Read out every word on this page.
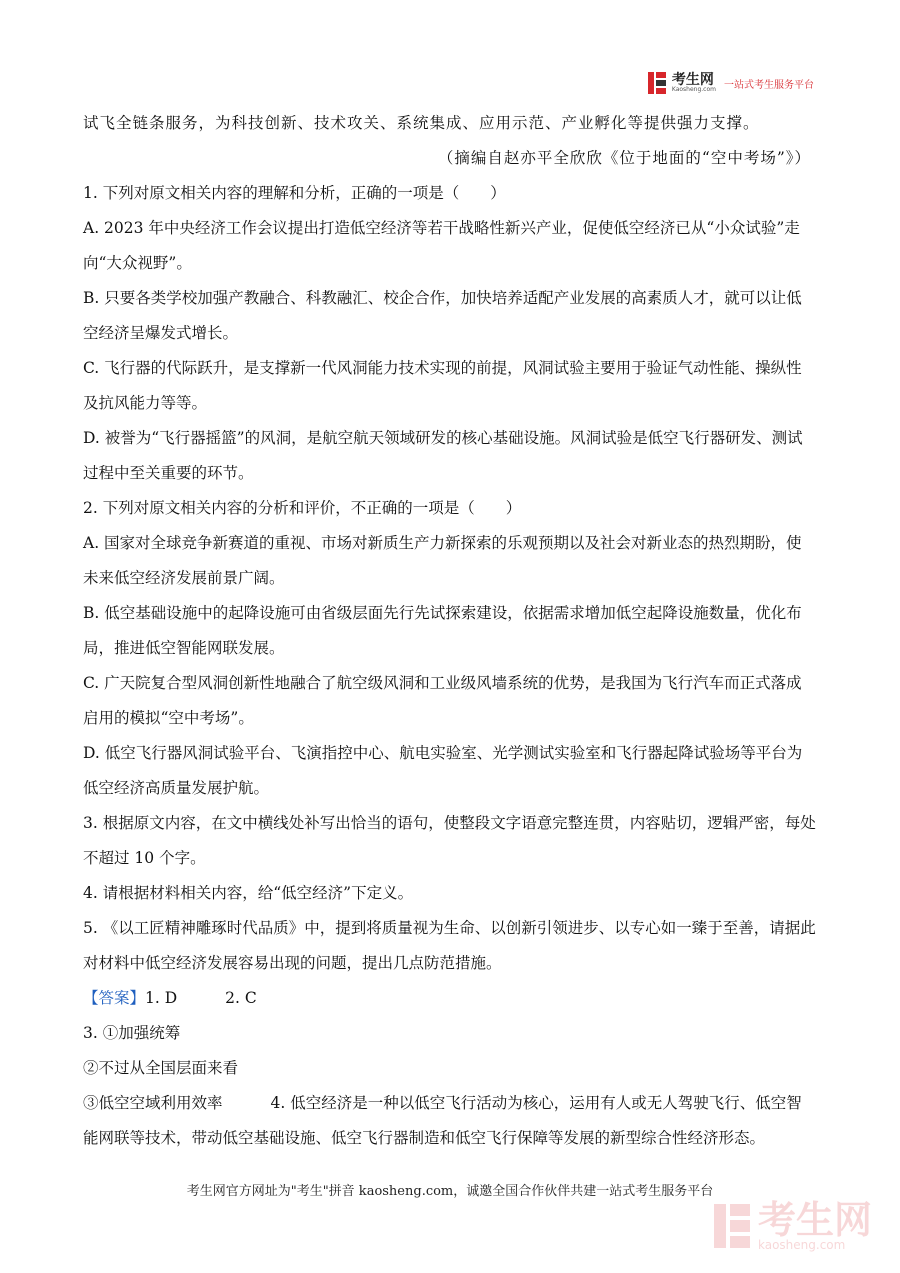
考生网
Kaosheng.com 一站式考生服务平台

试飞全链条服务，为科技创新、技术攻关、系统集成、应用示范、产业孵化等提供强力支撑。

（摘编自赵亦平全欣欣《位于地面的“空中考场”》）

1. 下列对原文相关内容的理解和分析，正确的一项是（　　）

A. 2023 年中央经济工作会议提出打造低空经济等若干战略性新兴产业，促使低空经济已从“小众试验”走向“大众视野”。

B. 只要各类学校加强产教融合、科教融汇、校企合作，加快培养适配产业发展的高素质人才，就可以让低空经济呈爆发式增长。

C. 飞行器的代际跃升，是支撑新一代风洞能力技术实现的前提，风洞试验主要用于验证气动性能、操纵性及抗风能力等等。

D. 被誉为“飞行器摇篮”的风洞，是航空航天领域研发的核心基础设施。风洞试验是低空飞行器研发、测试过程中至关重要的环节。

2. 下列对原文相关内容的分析和评价，不正确的一项是（　　）

A. 国家对全球竞争新赛道的重视、市场对新质生产力新探索的乐观预期以及社会对新业态的热烈期盼，使未来低空经济发展前景广阔。

B. 低空基础设施中的起降设施可由省级层面先行先试探索建设，依据需求增加低空起降设施数量，优化布局，推进低空智能网联发展。

C. 广天院复合型风洞创新性地融合了航空级风洞和工业级风墙系统的优势，是我国为飞行汽车而正式落成启用的模拟“空中考场”。

D. 低空飞行器风洞试验平台、飞演指控中心、航电实验室、光学测试实验室和飞行器起降试验场等平台为低空经济高质量发展护航。

3. 根据原文内容，在文中横线处补写出恰当的语句，使整段文字语意完整连贯，内容贴切，逻辑严密，每处不超过 10 个字。

4. 请根据材料相关内容，给“低空经济”下定义。

5. 《以工匠精神雕琢时代品质》中，提到将质量视为生命、以创新引领进步、以专心如一臻于至善，请据此对材料中低空经济发展容易出现的问题，提出几点防范措施。

【答案】1. D	2. C

3. ①加强统筹

②不过从全国层面来看

③低空空域利用效率	4. 低空经济是一种以低空飞行活动为核心，运用有人或无人驾驶飞行、低空智能网联等技术，带动低空基础设施、低空飞行器制造和低空飞行保障等发展的新型综合性经济形态。

考生网官方网址为"考生"拼音 kaosheng.com，诚邀全国合作伙伴共建一站式考生服务平台
考生网
kaosheng.com
